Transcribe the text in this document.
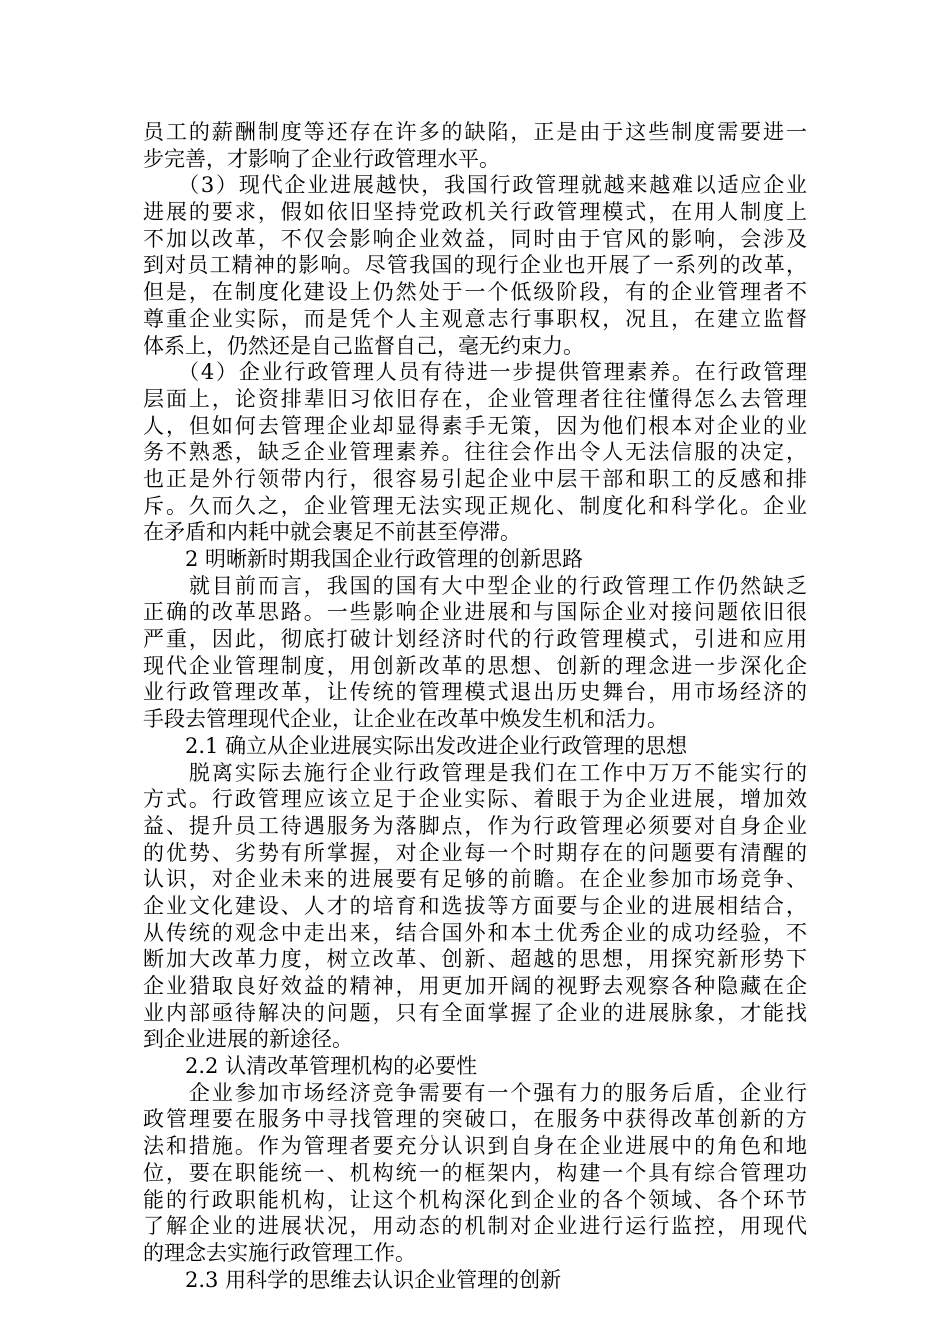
员工的薪酬制度等还存在许多的缺陷，正是由于这些制度需要进一
步完善，才影响了企业行政管理水平。
　　（3）现代企业进展越快，我国行政管理就越来越难以适应企业
进展的要求，假如依旧坚持党政机关行政管理模式，在用人制度上
不加以改革，不仅会影响企业效益，同时由于官风的影响，会涉及
到对员工精神的影响。尽管我国的现行企业也开展了一系列的改革，
但是，在制度化建设上仍然处于一个低级阶段，有的企业管理者不
尊重企业实际，而是凭个人主观意志行事职权，况且，在建立监督
体系上，仍然还是自己监督自己，毫无约束力。
　　（4）企业行政管理人员有待进一步提供管理素养。在行政管理
层面上，论资排辈旧习依旧存在，企业管理者往往懂得怎么去管理
人，但如何去管理企业却显得素手无策，因为他们根本对企业的业
务不熟悉，缺乏企业管理素养。往往会作出令人无法信服的决定，
也正是外行领带内行，很容易引起企业中层干部和职工的反感和排
斥。久而久之，企业管理无法实现正规化、制度化和科学化。企业
在矛盾和内耗中就会裹足不前甚至停滞。
　　2 明晰新时期我国企业行政管理的创新思路
　　就目前而言，我国的国有大中型企业的行政管理工作仍然缺乏
正确的改革思路。一些影响企业进展和与国际企业对接问题依旧很
严重，因此，彻底打破计划经济时代的行政管理模式，引进和应用
现代企业管理制度，用创新改革的思想、创新的理念进一步深化企
业行政管理改革，让传统的管理模式退出历史舞台，用市场经济的
手段去管理现代企业，让企业在改革中焕发生机和活力。
　　2.1 确立从企业进展实际出发改进企业行政管理的思想
　　脱离实际去施行企业行政管理是我们在工作中万万不能实行的
方式。行政管理应该立足于企业实际、着眼于为企业进展，增加效
益、提升员工待遇服务为落脚点，作为行政管理必须要对自身企业
的优势、劣势有所掌握，对企业每一个时期存在的问题要有清醒的
认识，对企业未来的进展要有足够的前瞻。在企业参加市场竞争、
企业文化建设、人才的培育和选拔等方面要与企业的进展相结合，
从传统的观念中走出来，结合国外和本土优秀企业的成功经验，不
断加大改革力度，树立改革、创新、超越的思想，用探究新形势下
企业猎取良好效益的精神，用更加开阔的视野去观察各种隐藏在企
业内部亟待解决的问题，只有全面掌握了企业的进展脉象，才能找
到企业进展的新途径。
　　2.2 认清改革管理机构的必要性
　　企业参加市场经济竞争需要有一个强有力的服务后盾，企业行
政管理要在服务中寻找管理的突破口，在服务中获得改革创新的方
法和措施。作为管理者要充分认识到自身在企业进展中的角色和地
位，要在职能统一、机构统一的框架内，构建一个具有综合管理功
能的行政职能机构，让这个机构深化到企业的各个领域、各个环节
了解企业的进展状况，用动态的机制对企业进行运行监控，用现代
的理念去实施行政管理工作。
　　2.3 用科学的思维去认识企业管理的创新
